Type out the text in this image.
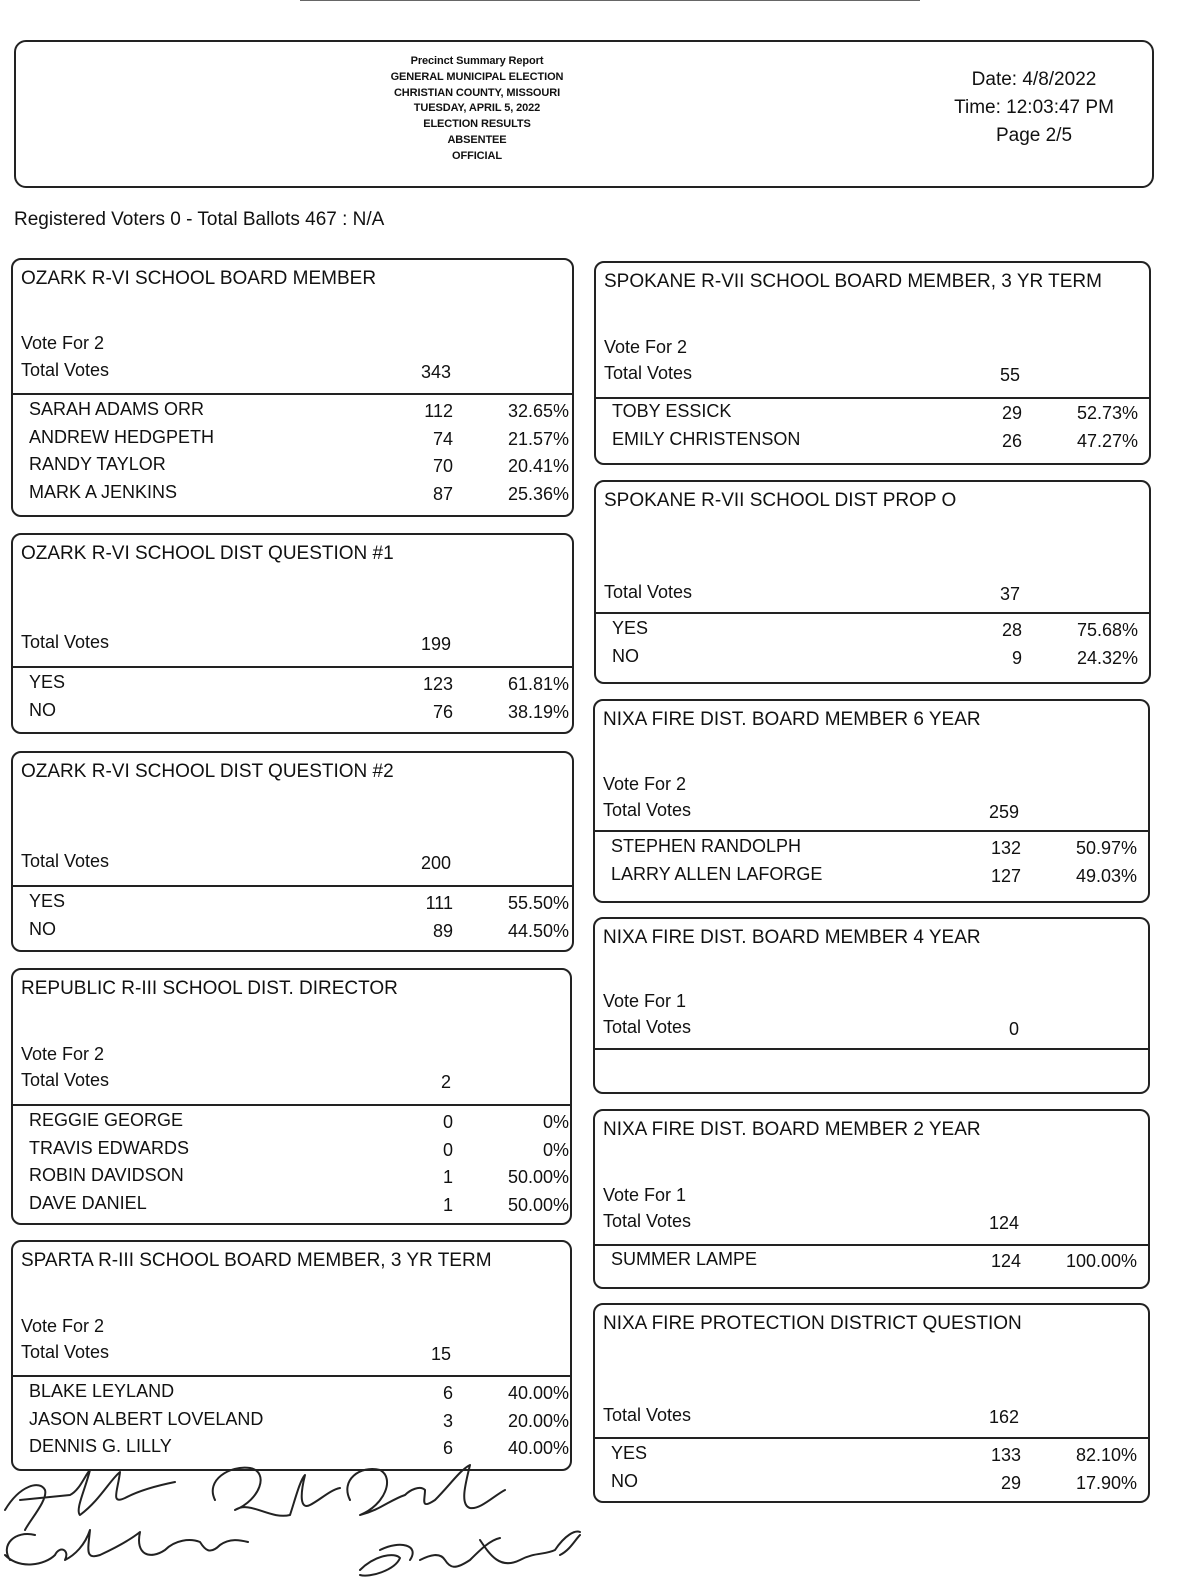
Precinct Summary Report
GENERAL MUNICIPAL ELECTION
CHRISTIAN COUNTY, MISSOURI
TUESDAY, APRIL 5, 2022
ELECTION RESULTS
ABSENTEE
OFFICIAL
Date: 4/8/2022
Time: 12:03:47 PM
Page 2/5
Registered Voters 0 - Total Ballots 467 : N/A
OZARK R-VI SCHOOL BOARD MEMBER
Vote For 2
Total Votes	343
SARAH ADAMS ORR	112	32.65%
ANDREW HEDGPETH	74	21.57%
RANDY TAYLOR	70	20.41%
MARK A JENKINS	87	25.36%
OZARK R-VI SCHOOL DIST QUESTION #1
Total Votes	199
YES	123	61.81%
NO	76	38.19%
OZARK R-VI SCHOOL DIST QUESTION #2
Total Votes	200
YES	111	55.50%
NO	89	44.50%
REPUBLIC R-III SCHOOL DIST. DIRECTOR
Vote For 2
Total Votes	2
REGGIE GEORGE	0	0%
TRAVIS EDWARDS	0	0%
ROBIN DAVIDSON	1	50.00%
DAVE DANIEL	1	50.00%
SPARTA R-III SCHOOL BOARD MEMBER, 3 YR TERM
Vote For 2
Total Votes	15
BLAKE LEYLAND	6	40.00%
JASON ALBERT LOVELAND	3	20.00%
DENNIS G. LILLY	6	40.00%
SPOKANE R-VII SCHOOL BOARD MEMBER, 3 YR TERM
Vote For 2
Total Votes	55
TOBY ESSICK	29	52.73%
EMILY CHRISTENSON	26	47.27%
SPOKANE R-VII SCHOOL DIST PROP O
Total Votes	37
YES	28	75.68%
NO	9	24.32%
NIXA FIRE DIST. BOARD MEMBER 6 YEAR
Vote For 2
Total Votes	259
STEPHEN RANDOLPH	132	50.97%
LARRY ALLEN LAFORGE	127	49.03%
NIXA FIRE DIST. BOARD MEMBER 4 YEAR
Vote For 1
Total Votes	0
NIXA FIRE DIST. BOARD MEMBER 2 YEAR
Vote For 1
Total Votes	124
SUMMER LAMPE	124	100.00%
NIXA FIRE PROTECTION DISTRICT QUESTION
Total Votes	162
YES	133	82.10%
NO	29	17.90%
